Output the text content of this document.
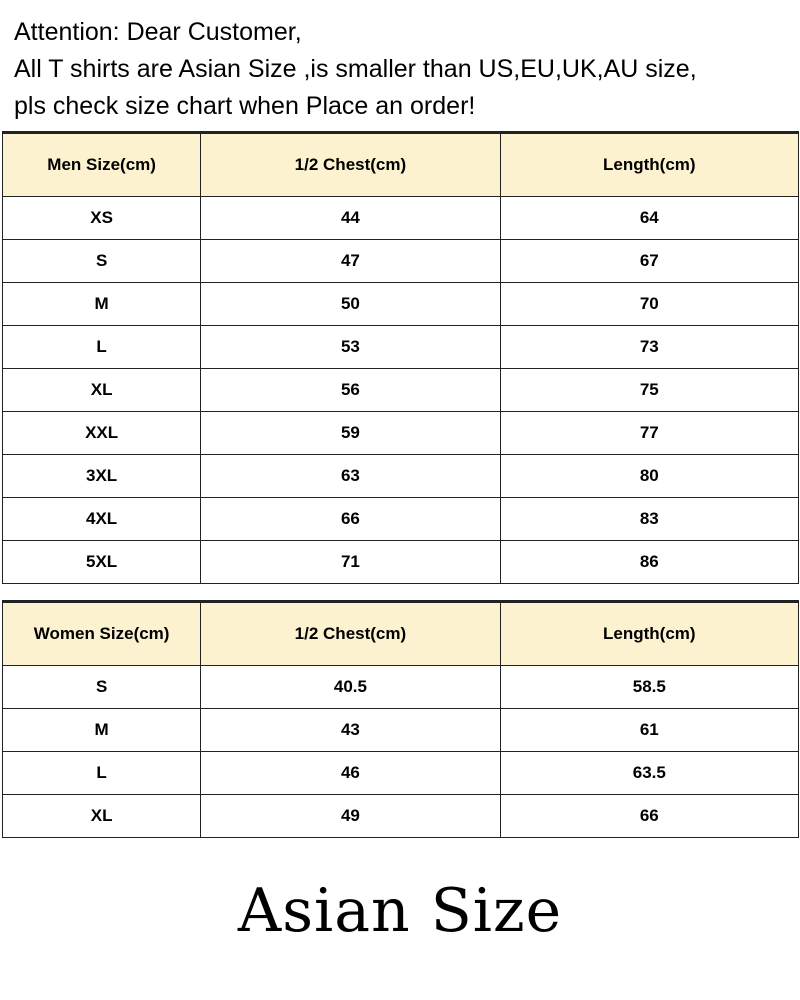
Attention: Dear Customer,
All T shirts are Asian Size ,is smaller than US,EU,UK,AU size,
pls check size chart when Place an order!
Men Size(cm)	1/2 Chest(cm)	Length(cm)
XS	44	64
S	47	67
M	50	70
L	53	73
XL	56	75
XXL	59	77
3XL	63	80
4XL	66	83
5XL	71	86
Women Size(cm)	1/2 Chest(cm)	Length(cm)
S	40.5	58.5
M	43	61
L	46	63.5
XL	49	66
Asian Size
